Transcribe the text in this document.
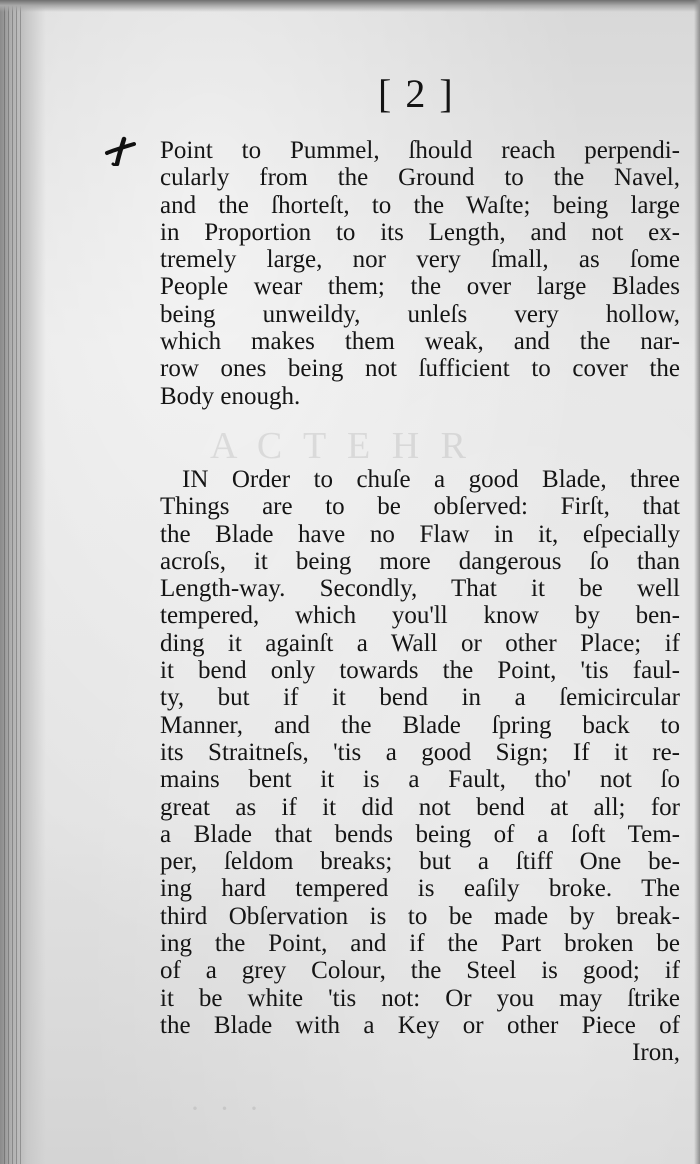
A C T E H R
· · ·
[ 2 ]
Point to Pummel, ſhould reach perpendi-
cularly from the Ground to the Navel,
and the ſhorteſt, to the Waſte; being large
in Proportion to its Length, and not ex-
tremely large, nor very ſmall, as ſome
People wear them; the over large Blades
being unweildy, unleſs very hollow,
which makes them weak, and the nar-
row ones being not ſufficient to cover the
Body enough.
IN Order to chuſe a good Blade, three
Things are to be obſerved: Firſt, that
the Blade have no Flaw in it, eſpecially
acroſs, it being more dangerous ſo than
Length-way. Secondly, That it be well
tempered, which you'll know by ben-
ding it againſt a Wall or other Place; if
it bend only towards the Point, 'tis faul-
ty, but if it bend in a ſemicircular
Manner, and the Blade ſpring back to
its Straitneſs, 'tis a good Sign; If it re-
mains bent it is a Fault, tho' not ſo
great as if it did not bend at all; for
a Blade that bends being of a ſoft Tem-
per, ſeldom breaks; but a ſtiff One be-
ing hard tempered is eaſily broke. The
third Obſervation is to be made by break-
ing the Point, and if the Part broken be
of a grey Colour, the Steel is good; if
it be white 'tis not: Or you may ſtrike
the Blade with a Key or other Piece of
Iron,
